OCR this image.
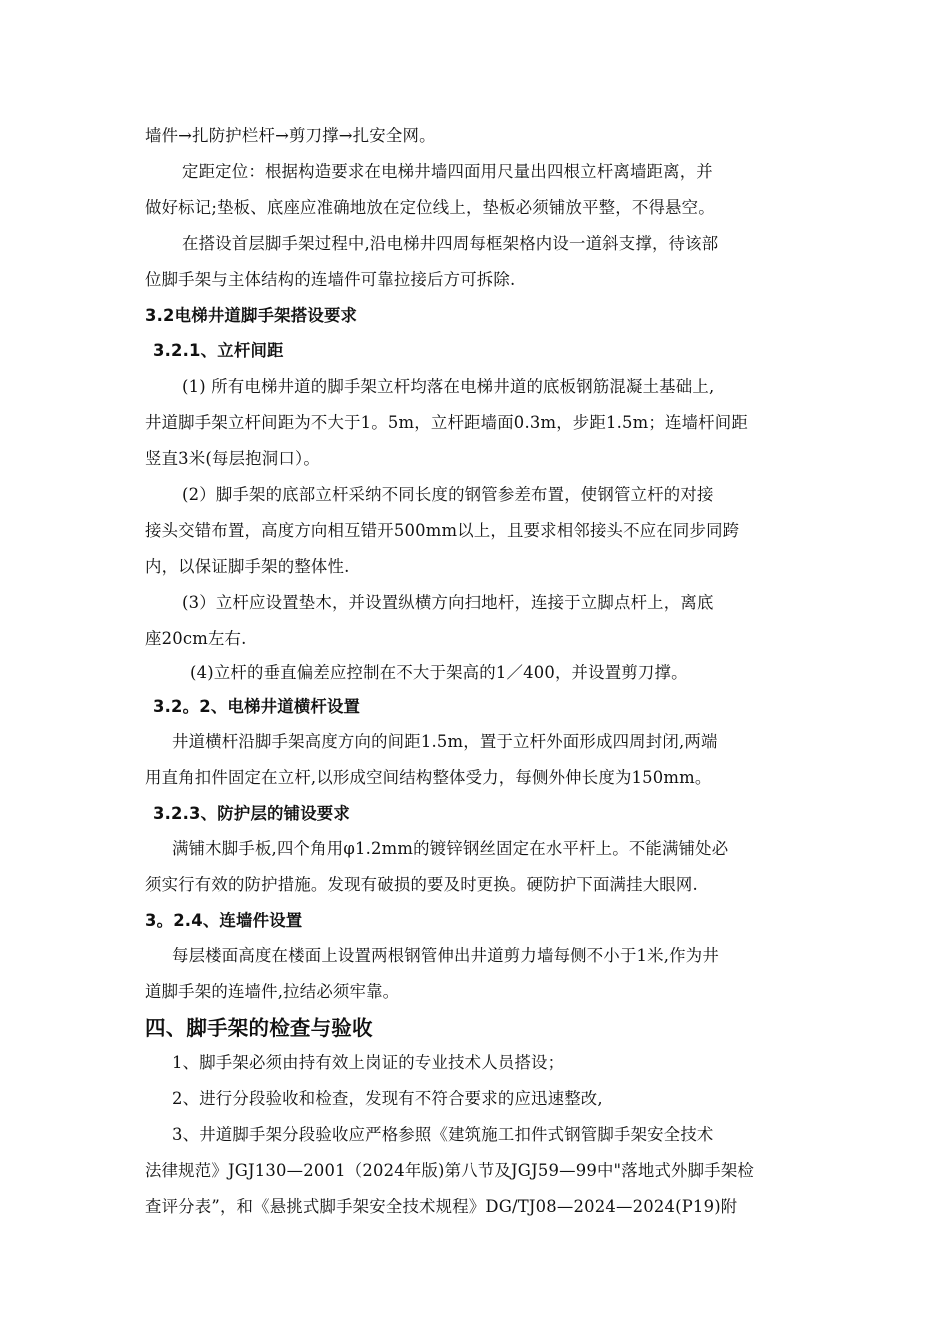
墙件→扎防护栏杆→剪刀撑→扎安全网。
定距定位：根据构造要求在电梯井墙四面用尺量出四根立杆离墙距离，并
做好标记;垫板、底座应准确地放在定位线上，垫板必须铺放平整，不得悬空。
在搭设首层脚手架过程中,沿电梯井四周每框架格内设一道斜支撑，待该部
位脚手架与主体结构的连墙件可靠拉接后方可拆除.
3.2电梯井道脚手架搭设要求
3.2.1、立杆间距
(1) 所有电梯井道的脚手架立杆均落在电梯井道的底板钢筋混凝土基础上,
井道脚手架立杆间距为不大于1。5m，立杆距墙面0.3m，步距1.5m；连墙杆间距
竖直3米(每层抱洞口）。
(2）脚手架的底部立杆采纳不同长度的钢管参差布置，使钢管立杆的对接
接头交错布置，高度方向相互错开500mm以上，且要求相邻接头不应在同步同跨
内，以保证脚手架的整体性.
(3）立杆应设置垫木，并设置纵横方向扫地杆，连接于立脚点杆上，离底
座20cm左右.
(4)立杆的垂直偏差应控制在不大于架高的1／400，并设置剪刀撑。
3.2。2、电梯井道横杆设置
井道横杆沿脚手架高度方向的间距1.5m，置于立杆外面形成四周封闭,两端
用直角扣件固定在立杆,以形成空间结构整体受力，每侧外伸长度为150mm。
3.2.3、防护层的铺设要求
满铺木脚手板,四个角用φ1.2mm的镀锌钢丝固定在水平杆上。不能满铺处必
须实行有效的防护措施。发现有破损的要及时更换。硬防护下面满挂大眼网.
3。2.4、连墙件设置
每层楼面高度在楼面上设置两根钢管伸出井道剪力墙每侧不小于1米,作为井
道脚手架的连墙件,拉结必须牢靠。
四、脚手架的检查与验收
1、脚手架必须由持有效上岗证的专业技术人员搭设；
2、进行分段验收和检查，发现有不符合要求的应迅速整改,
3、井道脚手架分段验收应严格参照《建筑施工扣件式钢管脚手架安全技术
法律规范》JGJ130—2001（2024年版)第八节及JGJ59—99中"落地式外脚手架检
查评分表”，和《悬挑式脚手架安全技术规程》DG/TJ08—2024—2024(P19)附
